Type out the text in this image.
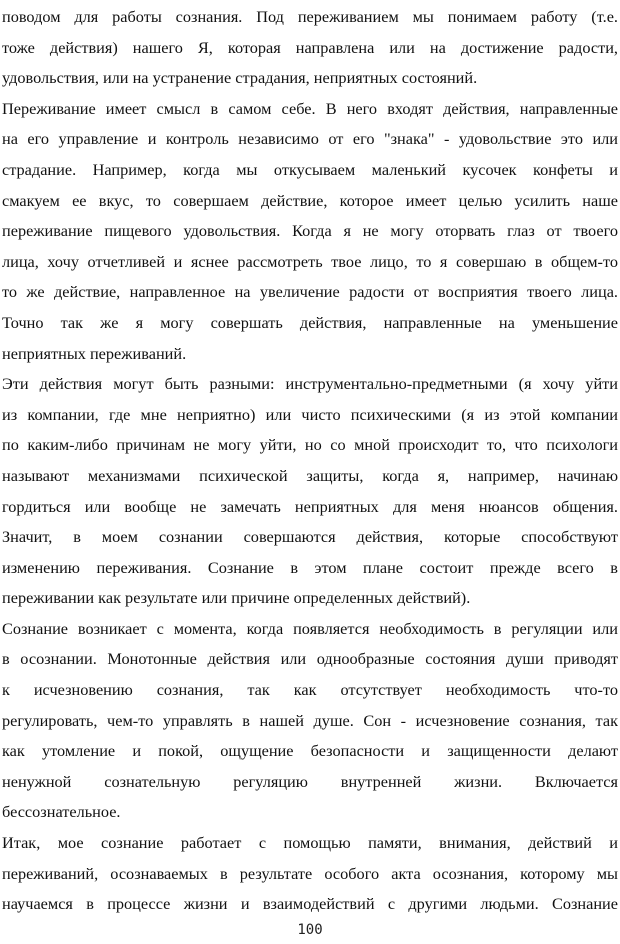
поводом для работы сознания. Под переживанием мы понимаем работу (т.е.
тоже действия) нашего Я, которая направлена или на достижение радости,
удовольствия, или на устранение страдания, неприятных состояний.
Переживание имеет смысл в самом себе. В него входят действия, направленные
на его управление и контроль независимо от его "знака" - удовольствие это или
страдание. Например, когда мы откусываем маленький кусочек конфеты и
смакуем ее вкус, то совершаем действие, которое имеет целью усилить наше
переживание пищевого удовольствия. Когда я не могу оторвать глаз от твоего
лица, хочу отчетливей и яснее рассмотреть твое лицо, то я совершаю в общем-то
то же действие, направленное на увеличение радости от восприятия твоего лица.
Точно так же я могу совершать действия, направленные на уменьшение
неприятных переживаний.
Эти действия могут быть разными: инструментально-предметными (я хочу уйти
из компании, где мне неприятно) или чисто психическими (я из этой компании
по каким-либо причинам не могу уйти, но со мной происходит то, что психологи
называют механизмами психической защиты, когда я, например, начинаю
гордиться или вообще не замечать неприятных для меня нюансов общения.
Значит, в моем сознании совершаются действия, которые способствуют
изменению переживания. Сознание в этом плане состоит прежде всего в
переживании как результате или причине определенных действий).
Сознание возникает с момента, когда появляется необходимость в регуляции или
в осознании. Монотонные действия или однообразные состояния души приводят
к исчезновению сознания, так как отсутствует необходимость что-то
регулировать, чем-то управлять в нашей душе. Сон - исчезновение сознания, так
как утомление и покой, ощущение безопасности и защищенности делают
ненужной сознательную регуляцию внутренней жизни. Включается
бессознательное.
Итак, мое сознание работает с помощью памяти, внимания, действий и
переживаний, осознаваемых в результате особого акта осознания, которому мы
научаемся в процессе жизни и взаимодействий с другими людьми. Сознание
100
